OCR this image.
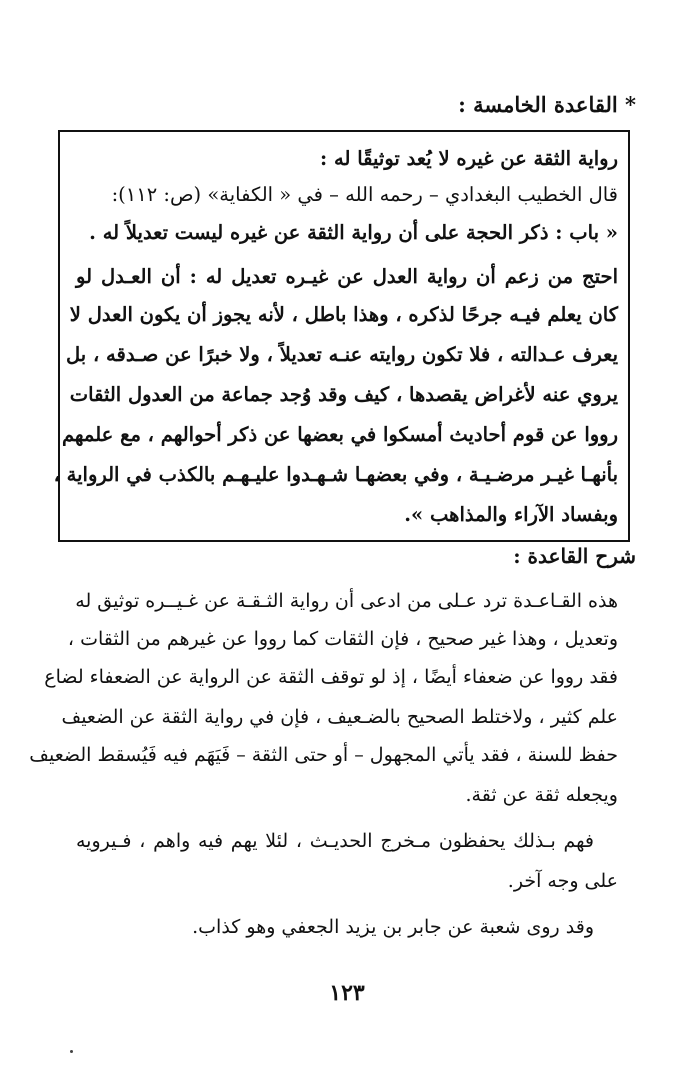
* القاعدة الخامسة :
رواية الثقة عن غيره لا يُعد توثيقًا له :
قال الخطيب البغدادي – رحمه الله – في « الكفاية» (ص: ١١٢):
« باب : ذكر الحجة على أن رواية الثقة عن غيره ليست تعديلاً له .
احتج من زعم أن رواية العدل عن غيـره تعديل له : أن العـدل لو
كان يعلم فيـه جرحًا لذكره ، وهذا باطل ، لأنه يجوز أن يكون العدل لا
يعرف عـدالته ، فلا تكون روايته عنـه تعديلاً ، ولا خبرًا عن صـدقه ، بل
يروي عنه لأغراض يقصدها ، كيف وقد وُجد جماعة من العدول الثقات
رووا عن قوم أحاديث أمسكوا في بعضها عن ذكر أحوالهم ، مع علمهم
بأنهـا غيـر مرضـيـة ، وفي بعضهـا شـهـدوا عليـهـم بالكذب في الرواية ،
وبفساد الآراء والمذاهب ».
شرح القاعدة :
هذه القـاعـدة ترد عـلى من ادعى أن رواية الثـقـة عن غـيــره توثيق له
وتعديل ، وهذا غير صحيح ، فإن الثقات كما رووا عن غيرهم من الثقات ،
فقد رووا عن ضعفاء أيضًا ، إذ لو توقف الثقة عن الرواية عن الضعفاء لضاع
علم كثير ، ولاختلط الصحيح بالضـعيف ، فإن في رواية الثقة عن الضعيف
حفظ للسنة ، فقد يأتي المجهول – أو حتى الثقة – فَيَهَم فيه فَيُسقط الضعيف
ويجعله ثقة عن ثقة.
فهم بـذلك يحفظون مـخرج الحديـث ، لئلا يهم فيه واهم ، فـيرويه
على وجه آخر.
وقد روى شعبة عن جابر بن يزيد الجعفي وهو كذاب.
١٢٣
